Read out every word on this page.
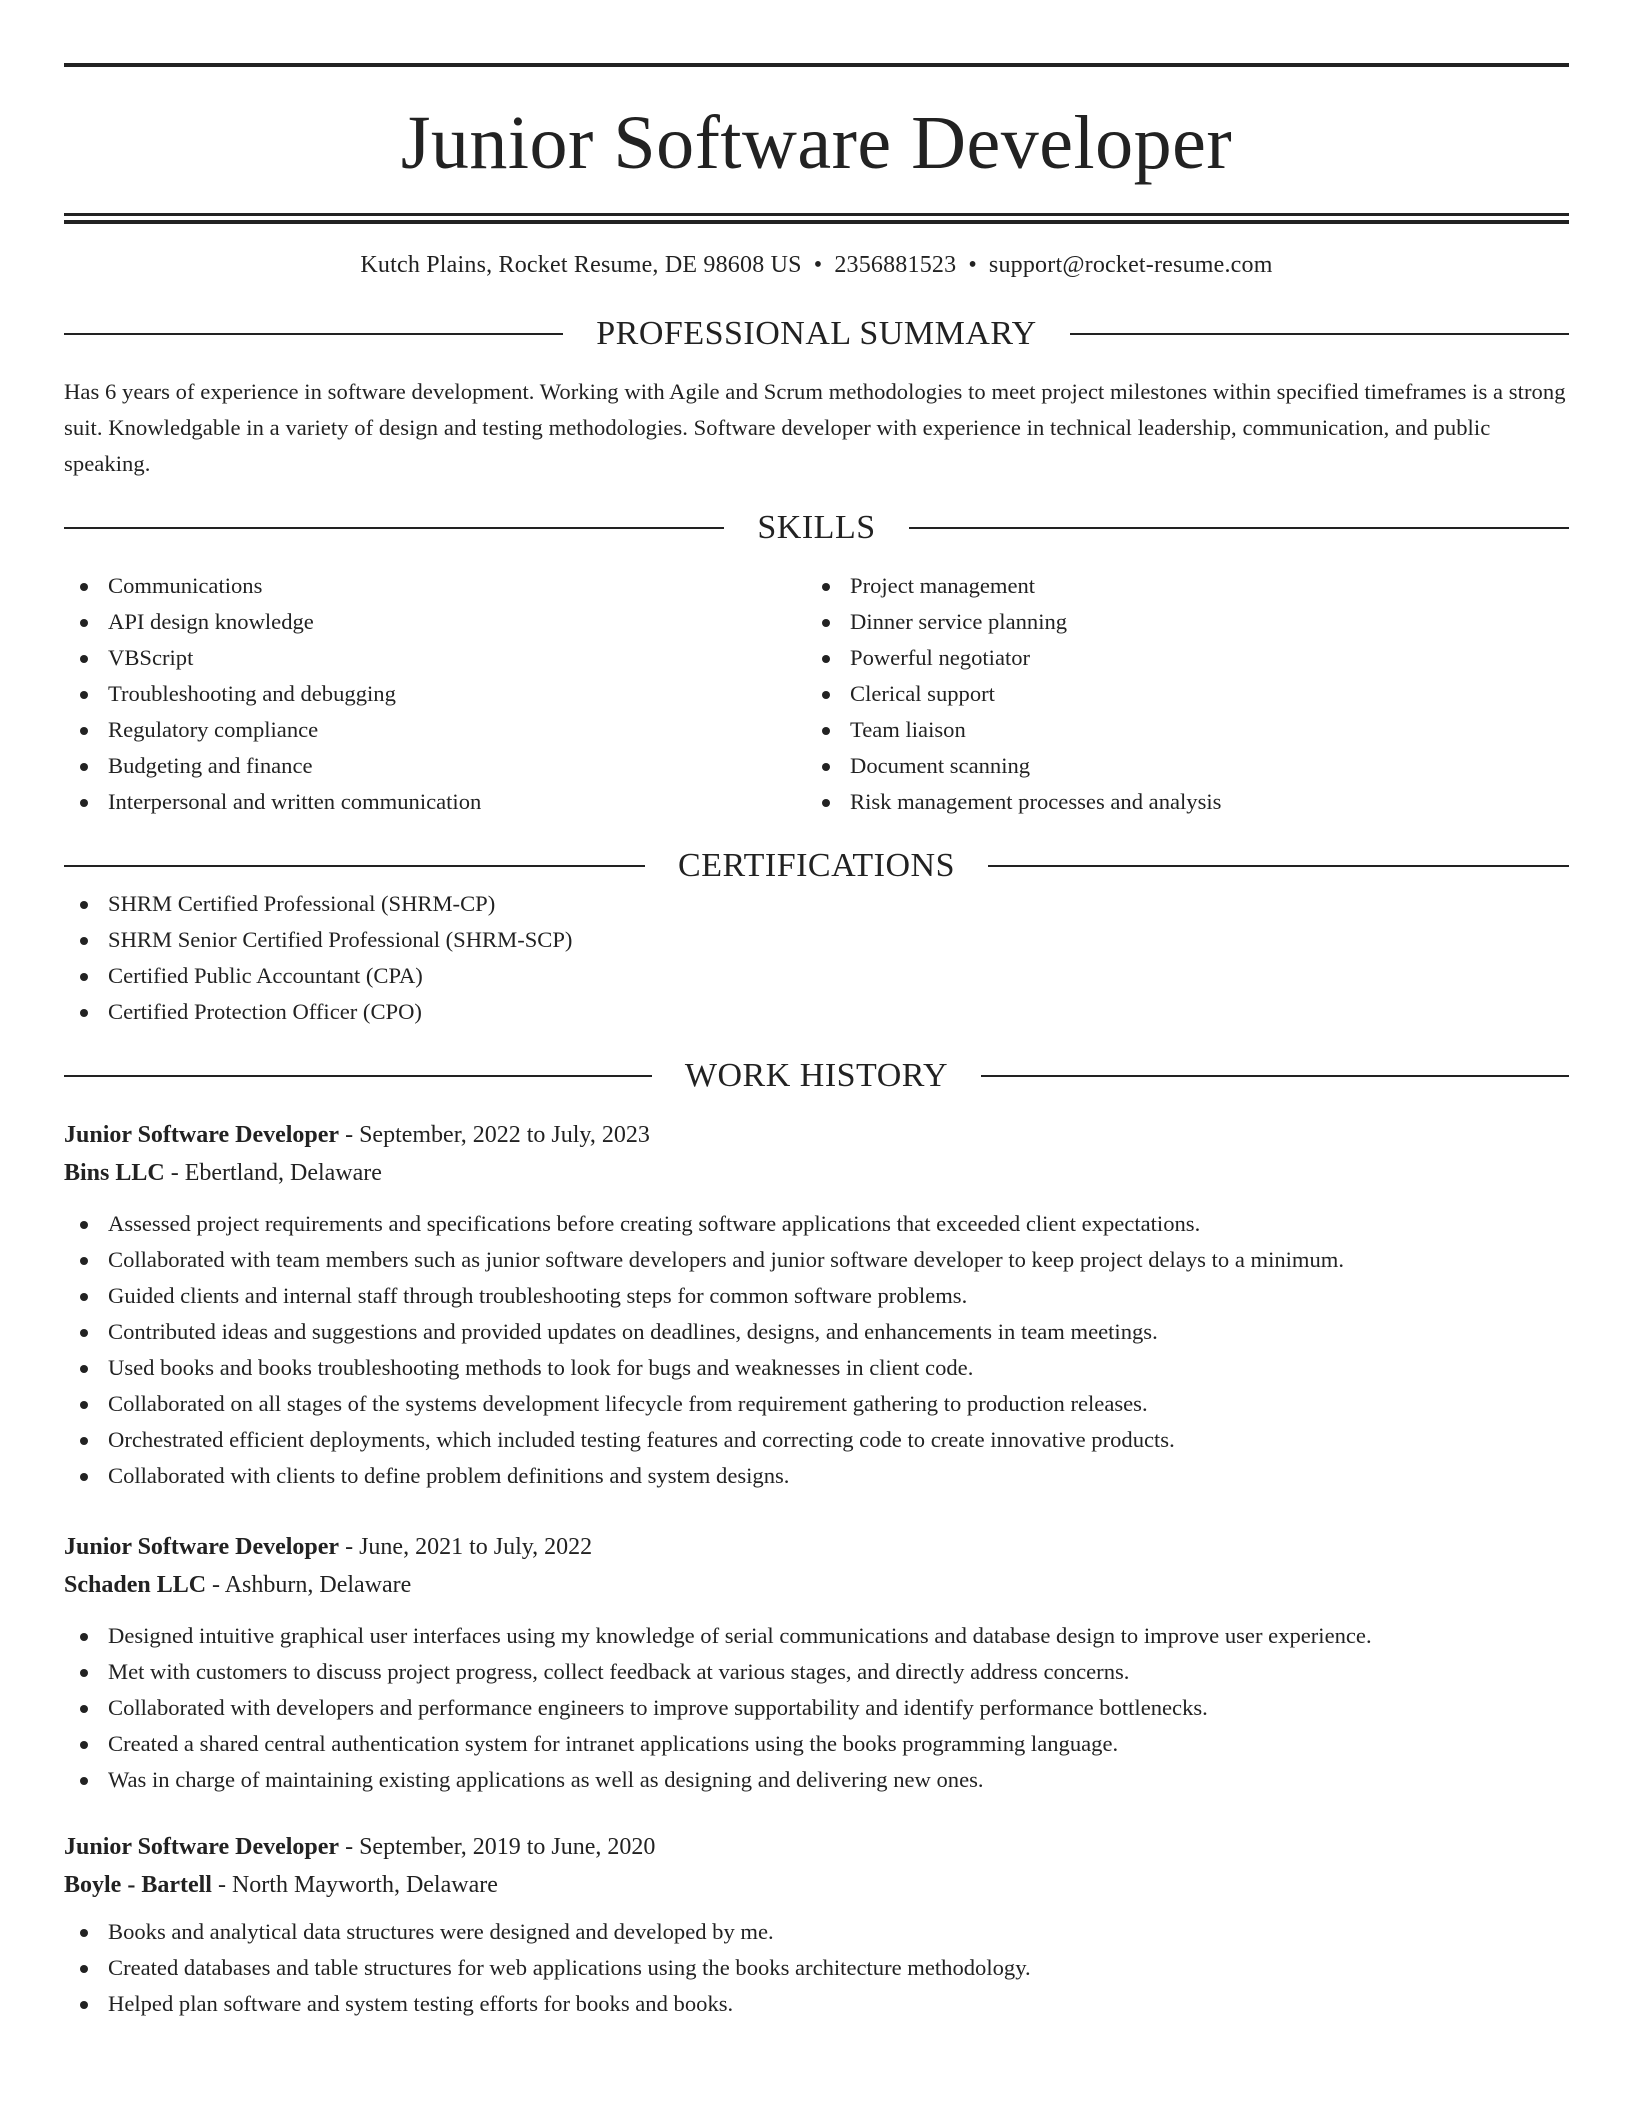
Junior Software Developer
Kutch Plains, Rocket Resume, DE 98608 US • 2356881523 • support@rocket-resume.com
PROFESSIONAL SUMMARY
Has 6 years of experience in software development. Working with Agile and Scrum methodologies to meet project milestones within specified timeframes is a strong suit. Knowledgable in a variety of design and testing methodologies. Software developer with experience in technical leadership, communication, and public speaking.
SKILLS
Communications
API design knowledge
VBScript
Troubleshooting and debugging
Regulatory compliance
Budgeting and finance
Interpersonal and written communication
Project management
Dinner service planning
Powerful negotiator
Clerical support
Team liaison
Document scanning
Risk management processes and analysis
CERTIFICATIONS
SHRM Certified Professional (SHRM-CP)
SHRM Senior Certified Professional (SHRM-SCP)
Certified Public Accountant (CPA)
Certified Protection Officer (CPO)
WORK HISTORY
Junior Software Developer - September, 2022 to July, 2023
Bins LLC - Ebertland, Delaware
Assessed project requirements and specifications before creating software applications that exceeded client expectations.
Collaborated with team members such as junior software developers and junior software developer to keep project delays to a minimum.
Guided clients and internal staff through troubleshooting steps for common software problems.
Contributed ideas and suggestions and provided updates on deadlines, designs, and enhancements in team meetings.
Used books and books troubleshooting methods to look for bugs and weaknesses in client code.
Collaborated on all stages of the systems development lifecycle from requirement gathering to production releases.
Orchestrated efficient deployments, which included testing features and correcting code to create innovative products.
Collaborated with clients to define problem definitions and system designs.
Junior Software Developer - June, 2021 to July, 2022
Schaden LLC - Ashburn, Delaware
Designed intuitive graphical user interfaces using my knowledge of serial communications and database design to improve user experience.
Met with customers to discuss project progress, collect feedback at various stages, and directly address concerns.
Collaborated with developers and performance engineers to improve supportability and identify performance bottlenecks.
Created a shared central authentication system for intranet applications using the books programming language.
Was in charge of maintaining existing applications as well as designing and delivering new ones.
Junior Software Developer - September, 2019 to June, 2020
Boyle - Bartell - North Mayworth, Delaware
Books and analytical data structures were designed and developed by me.
Created databases and table structures for web applications using the books architecture methodology.
Helped plan software and system testing efforts for books and books.
